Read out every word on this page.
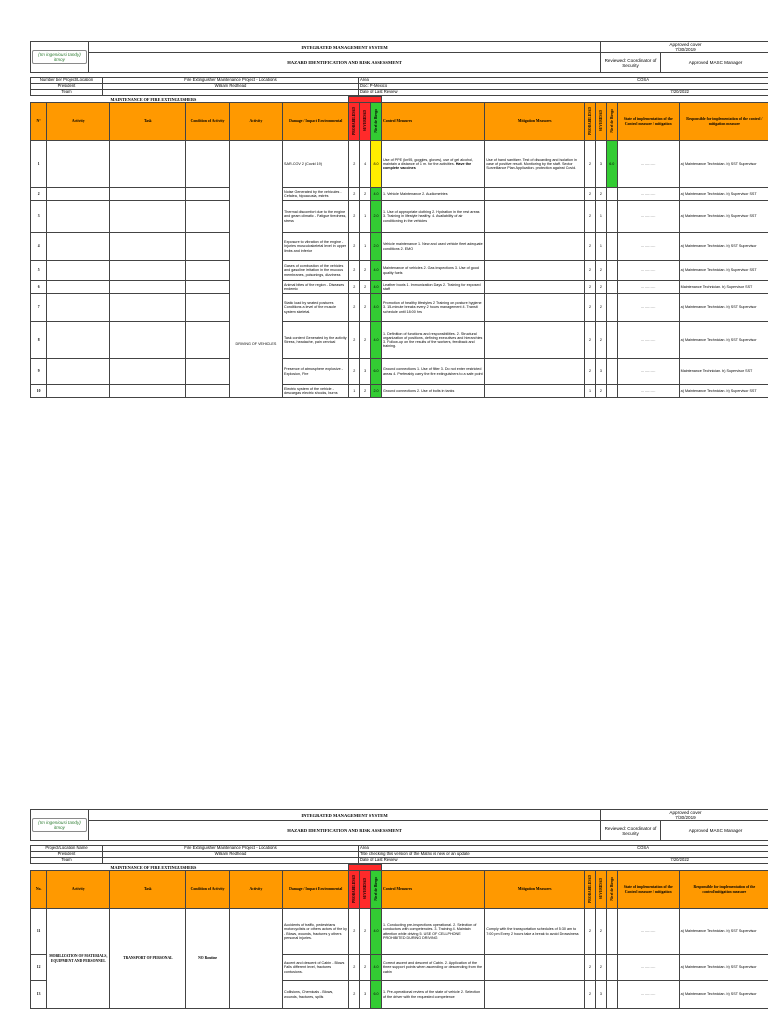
(Im ingeniousi tandy) itmoy	INTEGRATED MANAGEMENT SYSTEM	Approved cover
7/30/2019	
	HAZARD IDENTIFICATION AND RISK ASSESSMENT	Reviewed: Coordinator of Security	Approved MASC Manager

Number ber Project/Location	Fire Extinguisher Maintenance Project - Locations	Area COSA

President	William Redhead	Doc: P-Mexico
Team		Date of Last Review 7/20/2022
MAINTENANCE OF FIRE EXTINGUISHERS															
N°	Activity	Task	Condition of Activity	Activity	Damage / Impact Environmental	PROBABILIDAD	SEVERIDAD	Nivel de Riesgo	Control Measures	Mitigation Measures	PROBABILIDAD	SEVERIDAD	Nivel de Riesgo	State of implementation of the Control measure / mitigation	Responsible for implementation of the control / mitigation measure
1				DRIVING OF VEHICLES	SAR-COV 2 (Covid 19)	2	4	8.0	Use of PPE (kn95, goggles, gloves), use of gel alcohol, maintain a distance of 1 m. for the activities. Have the complete vaccines	Use of hand sanitizer. Test of discarding and isolation in case of positive result. Monitoring by the staff. Sector Surveillance Plan Application. protection against Covid.	2	3	6.0	…………	a) Maintenance Technician. b) SST Supervisor
2					Noise Generated by the vehicules - Cefalea, hipoacusia, estrés	2	2	4.0	1. Vehicle Maintenance 2. Audiometries		2	2		…………	a) Maintenance Technician. b) Supervisor SST
3					Thermal discomfort due to the engine and geam climatic - Fatigue tiredness, stress	2	1	2.0	1. Use of appropriate clothing 2. Hydration in the rest areas 3. Training in lifestyle healthy. 4. Availability of air conditioning in the vehicles		2	1		…………	a) Maintenance Technician. b) Supervisor SST
4					Exposure to vibration of the engine - Injuries musculoskeletal level in upper limbs and inferior	2	1	2.0	Vehicle maintenance 1. New and used vehicle fleet adequate conditions 2. EMO		2	1		…………	a) Maintenance Technician. b) SST Supervisor
5					Gases of combustion of the vehicles and gasoline irritation in the mucous membranes, poisonings, dizziness	2	2	4.0	Maintenance of vehicles 2. Gas inspections 3. Use of good quality fuels		2	2		…………	a) Maintenance Technician. b) Supervisor SST
6					Animal bites of the region - Diseases endemic	2	2	4.0	Leather boots 1. Immunization Days 2. Training for exposed staff		2	2		…………	Maintenance Technician. b) Supervisor SST
7					Static load by seated postures Conditions a level of the muscle system skeletal.	2	2	4.0	Promotion of healthy lifestyles 2 Training on posture hygiene 3. 15-minute breaks every 2 hours management 4. Transit schedule until 18:00 hrs		2	2		…………	a) Maintenance Technician. b) SST Supervisor
8					Task content Generated by the activity Stress, headache, pain cervical	2	2	4.0	1. Definition of functions and responsibilities. 2. Structural organization of positions, defining executives and hierarchies 3. Follow-up on the results of the workers, feedback and training.		2	2		…………	a) Maintenance Technician. b) SST Supervisor
9					Presence of atmosphere explosive - Explosion, Fire	2	3	6.0	Ground connections 1. Use of filter 3. Do not enter restricted areas 4. Preferably carry the fire extinguishers to a safe point		2	3		…………	Maintenance Technician. b) Supervisor SST
10					Electric system of the vehicle - descargas electric shocks, burns	1	2	2.0	Ground connections 2. Use of bolts in tanks		1	2		…………	a) Maintenance Technician. b) Supervisor SST
(Im ingeniousi tandy) itmoy	INTEGRATED MANAGEMENT SYSTEM	Approved cover
7/30/2019	
	HAZARD IDENTIFICATION AND RISK ASSESSMENT	Reviewed: Coordinator of Security	Approved MASC Manager

Project/Location Name	Fire Extinguisher Maintenance Project - Locations	Area COSA

President	William Redhead	Title checking this version of the Matrix is new or an update
Team		Date of Last Review 7/20/2022
MAINTENANCE OF FIRE EXTINGUISHERS															
No.	Activity	Task	Condition of Activity	Activity	Damage / Impact Environmental	PROBABILIDAD	SEVERIDAD	Nivel de Riesgo	Control Measures	Mitigation Measures	PROBABILIDAD	SEVERIDAD	Nivel de Riesgo	State of implementation of the Control measure / mitigation	Responsible for implementation of the control/mitigation measure
11	MOBILIZATION OF MATERIALS, EQUIPMENT AND PERSONNEL	TRANSPORT OF PERSONAL	NO Routine		Accidents of traffic, pedestrians motorcyclists or others actors of the ky - Blows, wounds, fractures y others personal injuries.	2	2	4.0	1. Conducting pre-inspections operational. 2. Selection of conductors with competencies. 3. Training 4. Maintain attention while driving 5. USE OF CELLPHONE PROHIBITED DURING DRIVING	Comply with the transportation schedules of 5:30 am to 7:00 pm Every 2 hours take a break to avoid Drowsiness	2	2		…………	a) Maintenance Technician. b) SST Supervisor
12					Ascent and descent of Cabin - Blows Falls different level, fractures contusions.	2	2	4.0	Correct ascent and descent of Cabin. 2. Application of the three support points when ascending or descending from the cabin		2	2		…………	a) Maintenance Technician. b) SST Supervisor
13					Collisions, Chemicals - Blows, wounds, fractures, spills	2	3	6.0	1. Pre-operational review of the state of vehicle 2. Selection of the driver with the requested competence		2	3		…………	a) Maintenance Technician. b) SST Supervisor
